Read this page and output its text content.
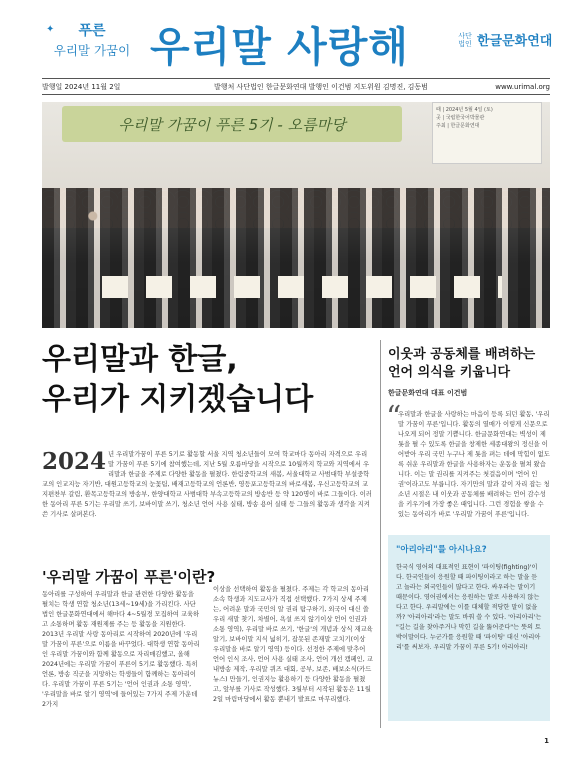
✦	푸른
우리말 가꿈이 우리말 사랑해	사단
법인 한글문화연대
발행일 2024년 11월 2일	발행처 사단법인 한글문화연대 발행인 이건범 지도위원 김명진, 김동범	www.urimal.org
우리말 가꿈이 푸른 5기 - 오름마당
때 | 2024년 5월 4일 (토)
곳 | 국립한국어박물관
주최 | 한글문화연대
우리말과 한글,
우리가 지키겠습니다
2024 년 우리말가꿈이 푸른 5기로 활동할 서울 지역 청소년들이 모여 학교마다 동아리 자격으로 우리말 가꿈이 푸른 5기에 참여했는데, 지난 5월 오름마당을 시작으로 10월까지 학교와 지역에서 우리말과 한글을 주제로 다양한 활동을 펼쳤다. 한림중학교의 새봄, 서울대학교 사범대학 부설중학교의 인교지능 자기반, 대원고등학교의 눈꽃팀, 배재고등학교의 언론반, 영등포고등학교의 바로새봄, 우신고등학교의 교지편찬부 갈림, 환목고등학교의 방송부, 한양대학교 사범대학 부속고등학교의 방송반 등 약 120명이 바로 그들이다. 이러한 동아리 푸른 5기는 우리말 쓰기, 보바이말 쓰기, 청소년 언어 사용 실태, 방송 용어 실태 등 그들의 활동과 생각을 지켜 쓴 기사로 살펴본다.
'우리말 가꿈이 푸른'이란?
동아리를 구성하여 우리말과 한글 관련한 다양한 활동을 펼치는 학생 연합 청소년(13세~19세)을 가리킨다. 사단법인 한글문화연대에서 해마다 4~5월경 모집하여 교육하고 소통하며 활동 재원제를 주는 등 활동을 지원한다. 2013년 우리말 사랑 동아리로 시작하여 2020년에 '우리말 가꿈이 푸른'으로 이름을 바꾸었다. 대학생 연합 동아리인 우리말 가꿈이와 함께 활동으로 자리매김했고, 올해 2024년에는 우리말 가꿈이 푸른이 5기로 활동했다. 특히 언론, 방송 직군을 지망하는 학생들이 함께하는 동아리이다. 우리말 가꿈이 푸른 5기는 '언어 인권과 소통 영역', '우리말을 바로 알기 영역'에 들어있는 7가지 주제 가운데 2가지
이상을 선택하여 활동을 펼쳤다. 주제는 각 학교의 동아리 소속 학생과 지도교사가 직접 선택했다. 7가지 상세 주제는, 어려운 말과 국민의 알 권리 탐구하기, 외국어 대신 쓸 우리 새말 찾기, 차별어, 욕설 쓰지 않기이상 언어 인권과 소통 영역), 우리말 바로 쓰기, '한글'의 개념과 상식 재교육 알기, 보바이말 지식 넓히기, 잡못된 존재말 고치기(이상 우리말을 바로 알기 영역) 등이다. 선정한 주제에 맞추어 언어 인식 조사, 언어 사용 실태 조사, 언어 개선 캠페인, 교내방송 제작, 우리말 퀴즈 대회, 공부, 보존, 배보소식(카드뉴스) 만들기, 인권지능 활용하기 등 다양한 활동을 펼쳤고, 앞부를 기사로 작성했다. 3월부터 시작된 활동은 11월 2일 마림마당에서 활동 뿐내기 발표로 마무리했다.
이웃과 공동체를 배려하는 언어 의식을 키웁니다
한글문화연대 대표 이건범
“
우리말과 한글을 사랑하는 마음이 등록 되던 활동, '우리말 가꿈이 푸른'입니다. 활동의 열매가 이렇게 신문으로 나오게 되어 정말 기쁩니다. 한글문화연대는 벽성이 제 톳을 펼 수 있도록 한글을 창제한 세종대왕의 정신을 이어받아 우리 국민 누구나 제 톳을 펴는 데에 막힘이 없도록 쉬운 우리말과 한글을 사용하자는 운동을 펼쳐 왔습니다. 이는 말 권리를 지켜주는 첫걸음이며 '언어 인권'이라고도 부릅니다. 자기만의 말과 같이 자리 잡는 청소년 시절은 내 이웃과 공동체를 배려하는 언어 감수성을 키우기에 가장 좋은 때입니다. 그런 경험을 쌓을 수 있는 동아리가 바로 '우리말 가꿈이 푸른'입니다.
"아리아리"를 아시나요?
한국식 영어의 대표적인 표현이 '파이팅(fighting)'이다. 한국인들이 응원할 때 파이팅이라고 하는 말을 듣고 놀라는 외국인들이 많다고 한다. 싸우라는 말이기 때문이다. 영어권에서는 응원하는 말로 사용하지 않는다고 한다. 우리말에는 이를 대체할 적당한 말이 없을까? '아리아리'라는 말도 바꿔 쓸 수 있다. '아리아리'는 "길는 길을 찾아주거나 막힌 길을 뚫어준다"는 뜻의 토박이말이다. 누군가를 응원할 때 '파이팅' 대신 '아리아리'를 써보자. 우리말 가꿈이 푸른 5기! 아리아리!
1
